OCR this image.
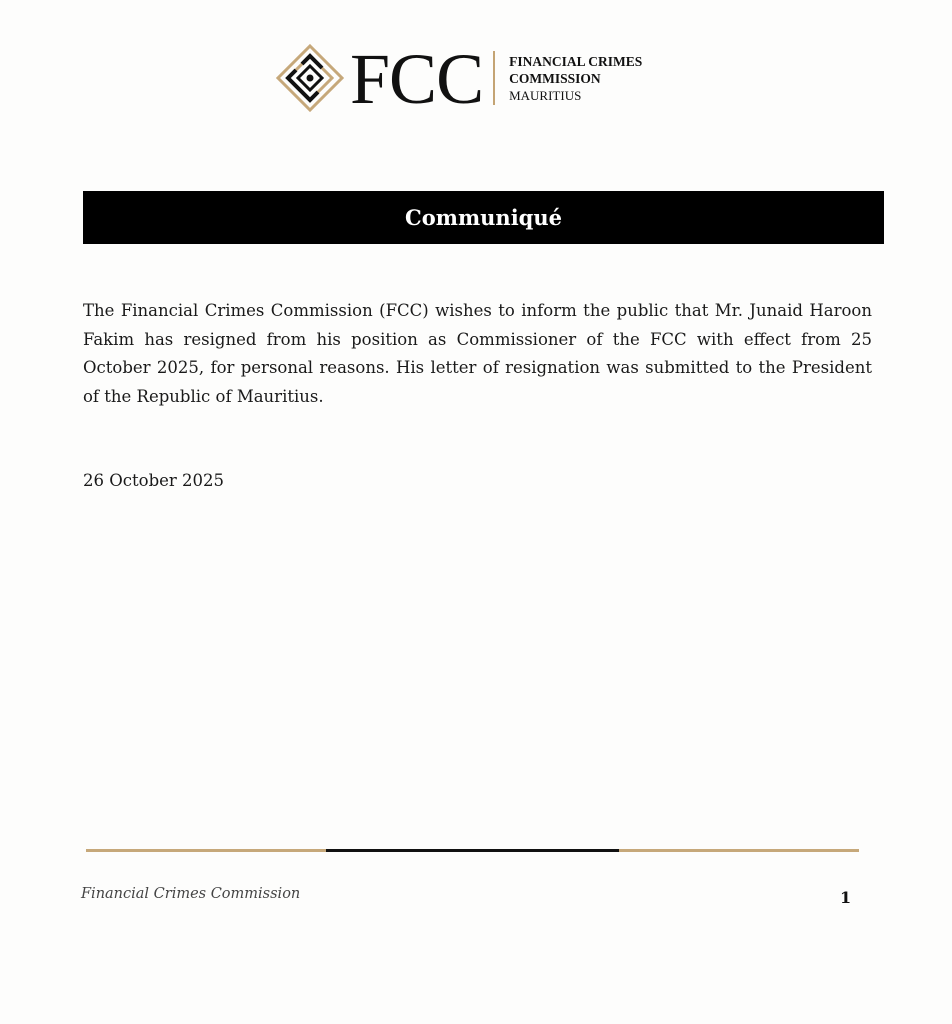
FCC FINANCIAL CRIMES
COMMISSION
MAURITIUS
Communiqué

The Financial Crimes Commission (FCC) wishes to inform the public that Mr. Junaid Haroon Fakim has resigned from his position as Commissioner of the FCC with effect from 25 October 2025, for personal reasons. His letter of resignation was submitted to the President of the Republic of Mauritius.

26 October 2025

Financial Crimes Commission	1
